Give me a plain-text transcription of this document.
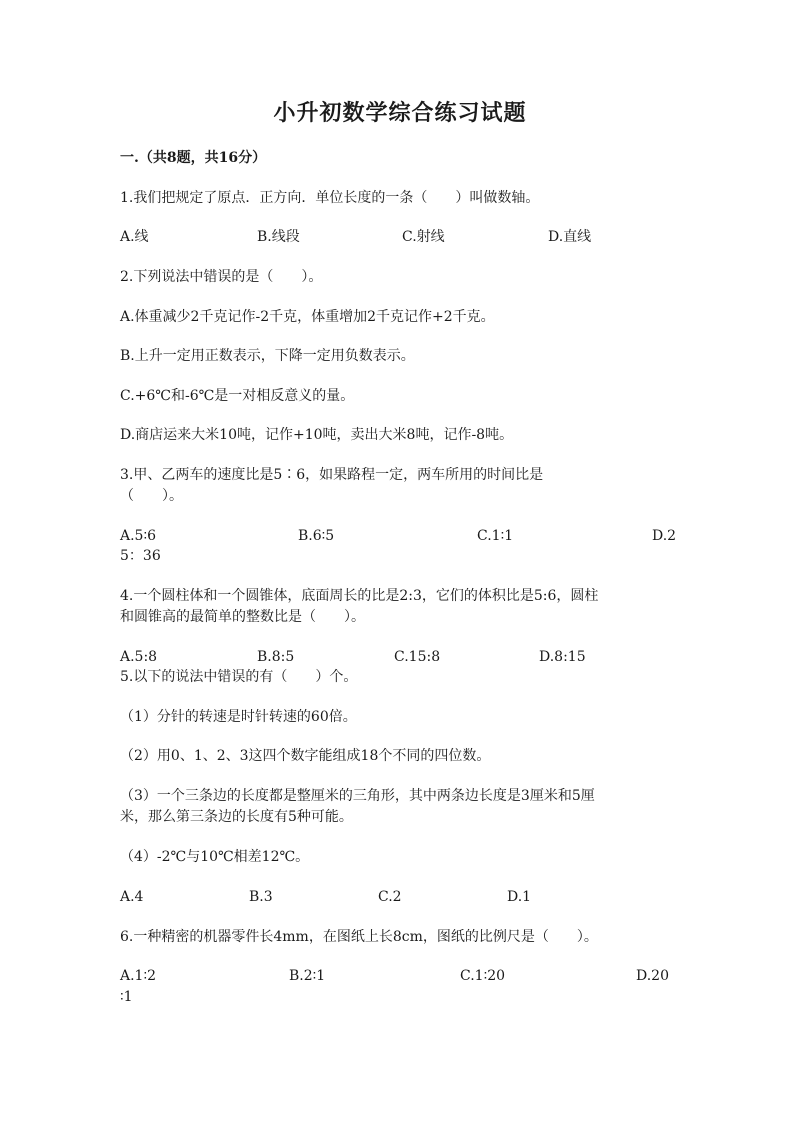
小升初数学综合练习试题
一.（共8题，共16分）
1.我们把规定了原点．正方向．单位长度的一条（　　）叫做数轴。
A.线	B.线段	C.射线	D.直线
2.下列说法中错误的是（　　）。
A.体重减少2千克记作-2千克，体重增加2千克记作+2千克。
B.上升一定用正数表示，下降一定用负数表示。
C.+6℃和-6℃是一对相反意义的量。
D.商店运来大米10吨，记作+10吨，卖出大米8吨，记作-8吨。
3.甲、乙两车的速度比是5∶6，如果路程一定，两车所用的时间比是
（　　）。
A.5∶6	B.6∶5	C.1∶1	D.2
5：36
4.一个圆柱体和一个圆锥体，底面周长的比是2:3，它们的体积比是5:6，圆柱
和圆锥高的最简单的整数比是（　　）。
A.5:8	B.8:5	C.15:8	D.8:15
5.以下的说法中错误的有（　　）个。
（1）分针的转速是时针转速的60倍。
（2）用0、1、2、3这四个数字能组成18个不同的四位数。
（3）一个三条边的长度都是整厘米的三角形，其中两条边长度是3厘米和5厘
米，那么第三条边的长度有5种可能。
（4）-2℃与10℃相差12℃。
A.4	B.3	C.2	D.1
6.一种精密的机器零件长4mm，在图纸上长8cm，图纸的比例尺是（　　）。
A.1∶2	B.2∶1	C.1∶20	D.20
∶1
